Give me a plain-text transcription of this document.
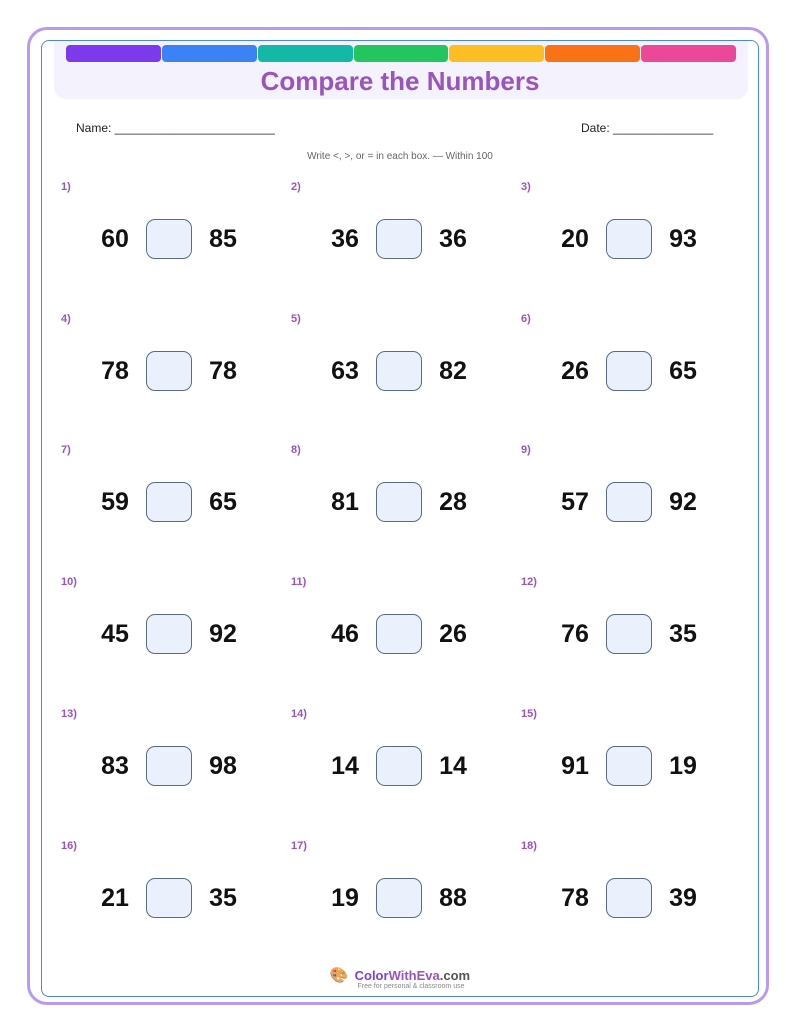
Compare the Numbers
Name: ________________________	Date: _______________
Write <, >, or = in each box. — Within 100
1)
60	85
2)
36	36
3)
20	93
4)
78	78
5)
63	82
6)
26	65
7)
59	65
8)
81	28
9)
57	92
10)
45	92
11)
46	26
12)
76	35
13)
83	98
14)
14	14
15)
91	19
16)
21	35
17)
19	88
18)
78	39
🎨 ColorWithEva.com
Free for personal & classroom use
